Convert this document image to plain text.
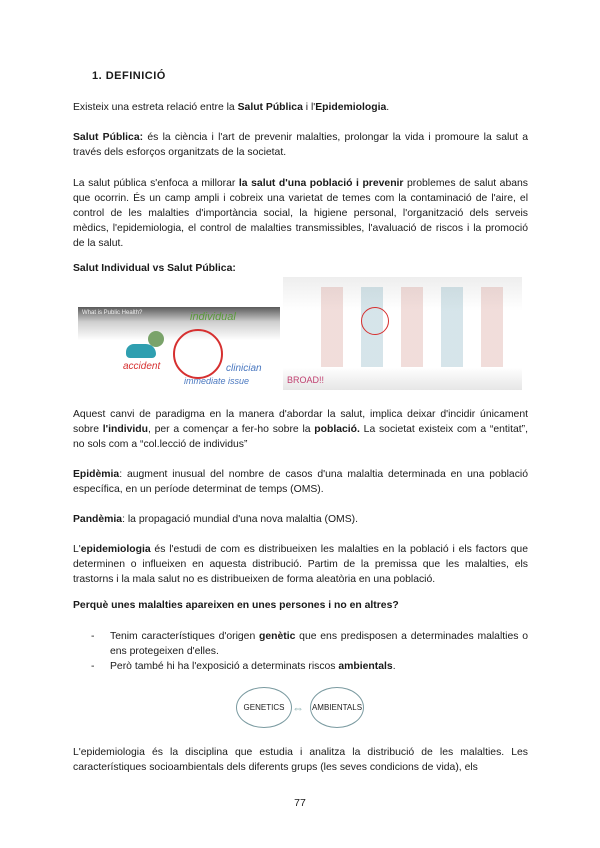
1. DEFINICIÓ
Existeix una estreta relació entre la Salut Pública i l'Epidemiologia.
Salut Pública: és la ciència i l'art de prevenir malalties, prolongar la vida i promoure la salut a través dels esforços organitzats de la societat.
La salut pública s'enfoca a millorar la salut d'una població i prevenir problemes de salut abans que ocorrin. És un camp ampli i cobreix una varietat de temes com la contaminació de l'aire, el control de les malalties d'importància social, la higiene personal, l'organització dels serveis mèdics, l'epidemiologia, el control de malalties transmissibles, l'avaluació de riscos i la promoció de la salut.
Salut Individual vs Salut Pública:
What is Public Health?	individual
accident	clinician
immediate issue	BROAD!!
Aquest canvi de paradigma en la manera d'abordar la salut, implica deixar d'incidir únicament sobre l'individu, per a començar a fer-ho sobre la població. La societat existeix com a “entitat”, no sols com a “col.lecció de individus”
Epidèmia: augment inusual del nombre de casos d'una malaltia determinada en una població específica, en un període determinat de temps (OMS).
Pandèmia: la propagació mundial d'una nova malaltia (OMS).
L'epidemiologia és l'estudi de com es distribueixen les malalties en la població i els factors que determinen o influeixen en aquesta distribució. Partim de la premissa que les malalties, els trastorns i la mala salut no es distribueixen de forma aleatòria en una població.
Perquè unes malalties apareixen en unes persones i no en altres?
- Tenim característiques d'origen genètic que ens predisposen a determinades malalties o ens protegeixen d'elles.
- Però també hi ha l'exposició a determinats riscos ambientals.
GENETICS ⇔ AMBIENTALS
L'epidemiologia és la disciplina que estudia i analitza la distribució de les malalties. Les característiques socioambientals dels diferents grups (les seves condicions de vida), els
77
